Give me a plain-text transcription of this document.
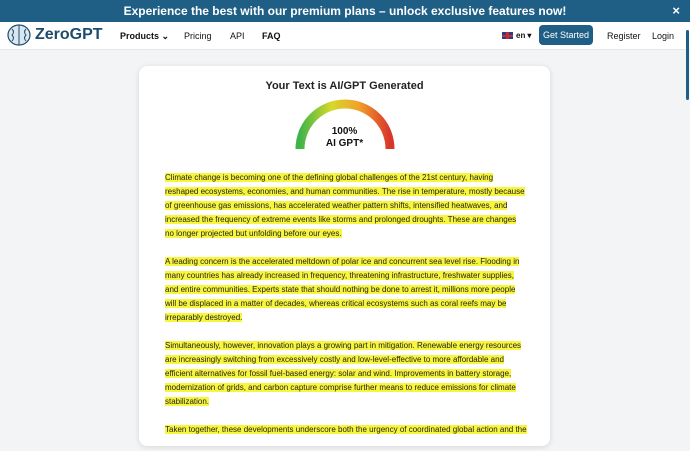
Experience the best with our premium plans – unlock exclusive features now!	×
ZeroGPT Products ⌄ Pricing API FAQ	en ▾	Get Started	Register Login
Your Text is AI/GPT Generated
100%
AI GPT*

Climate change is becoming one of the defining global challenges of the 21st century, having reshaped ecosystems, economies, and human communities. The rise in temperature, mostly because of greenhouse gas emissions, has accelerated weather pattern shifts, intensified heatwaves, and increased the frequency of extreme events like storms and prolonged droughts. These are changes no longer projected but unfolding before our eyes.

A leading concern is the accelerated meltdown of polar ice and concurrent sea level rise. Flooding in many countries has already increased in frequency, threatening infrastructure, freshwater supplies, and entire communities. Experts state that should nothing be done to arrest it, millions more people will be displaced in a matter of decades, whereas critical ecosystems such as coral reefs may be irreparably destroyed.

Simultaneously, however, innovation plays a growing part in mitigation. Renewable energy resources are increasingly switching from excessively costly and low-level-effective to more affordable and efficient alternatives for fossil fuel-based energy: solar and wind. Improvements in battery storage, modernization of grids, and carbon capture comprise further means to reduce emissions for climate stabilization.

Taken together, these developments underscore both the urgency of coordinated global action and the
